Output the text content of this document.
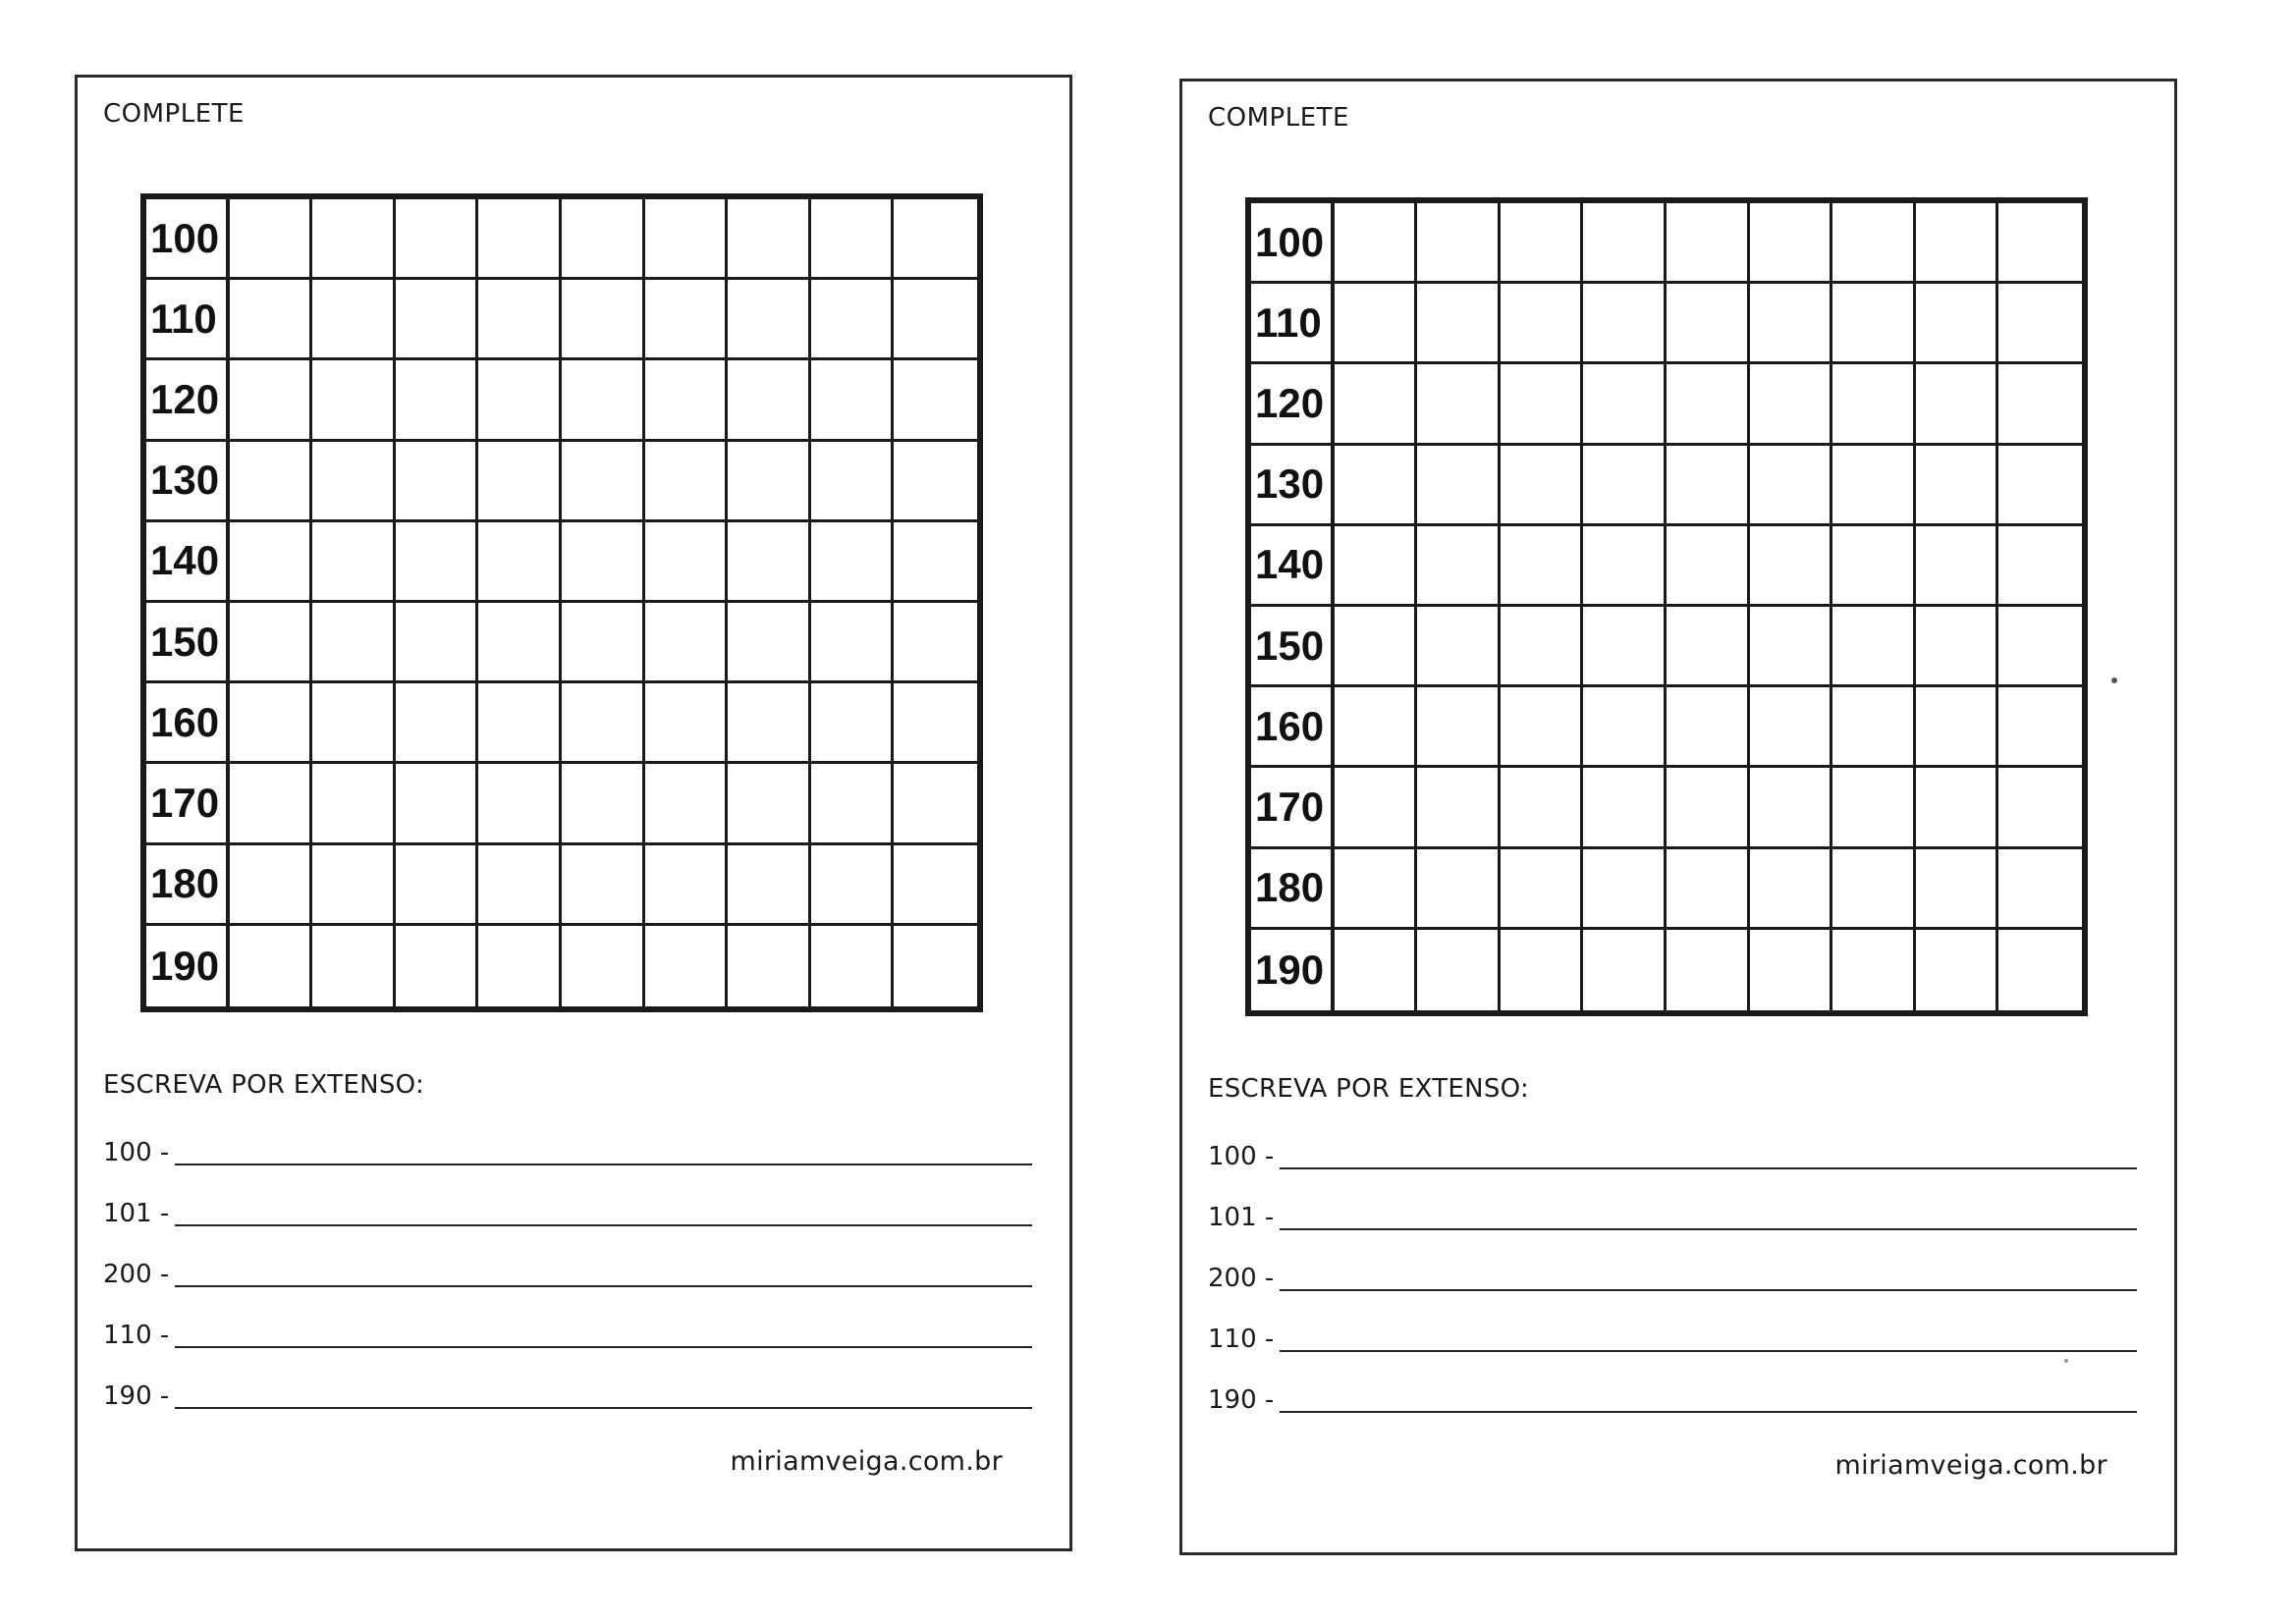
COMPLETE
100
110
120
130
140
150
160
170
180
190
ESCREVA POR EXTENSO:
100 -
101 -
200 -
110 -
190 -
miriamveiga.com.br
COMPLETE
100
110
120
130
140
150
160
170
180
190
ESCREVA POR EXTENSO:
100 -
101 -
200 -
110 -
190 -
miriamveiga.com.br
